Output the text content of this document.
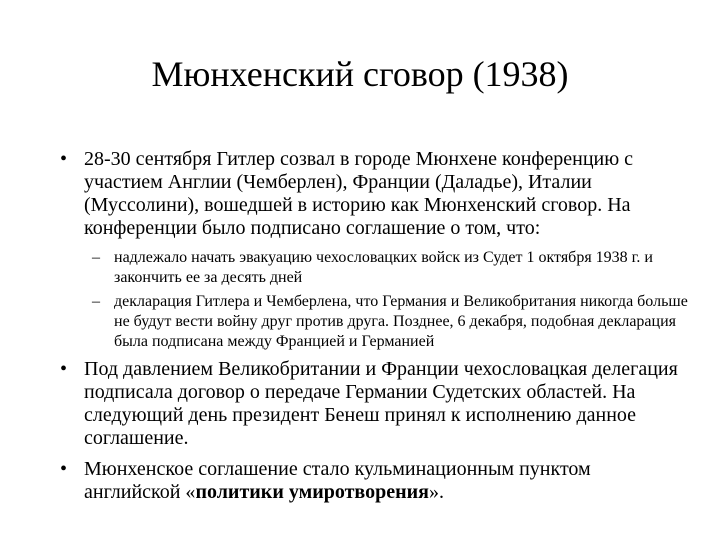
Мюнхенский сговор (1938)
• 28-30 сентября Гитлер созвал в городе Мюнхене конференцию с участием Англии (Чемберлен), Франции (Даладье), Италии (Муссолини), вошедшей в историю как Мюнхенский сговор. На конференции было подписано соглашение о том, что:
– надлежало начать эвакуацию чехословацких войск из Судет 1 октября 1938 г. и закончить ее за десять дней
– декларация Гитлера и Чемберлена, что Германия и Великобритания никогда больше не будут вести войну друг против друга. Позднее, 6 декабря, подобная декларация была подписана между Францией и Германией
• Под давлением Великобритании и Франции чехословацкая делегация подписала договор о передаче Германии Судетских областей. На следующий день президент Бенеш принял к исполнению данное соглашение.
• Мюнхенское соглашение стало кульминационным пунктом английской «политики умиротворения».
